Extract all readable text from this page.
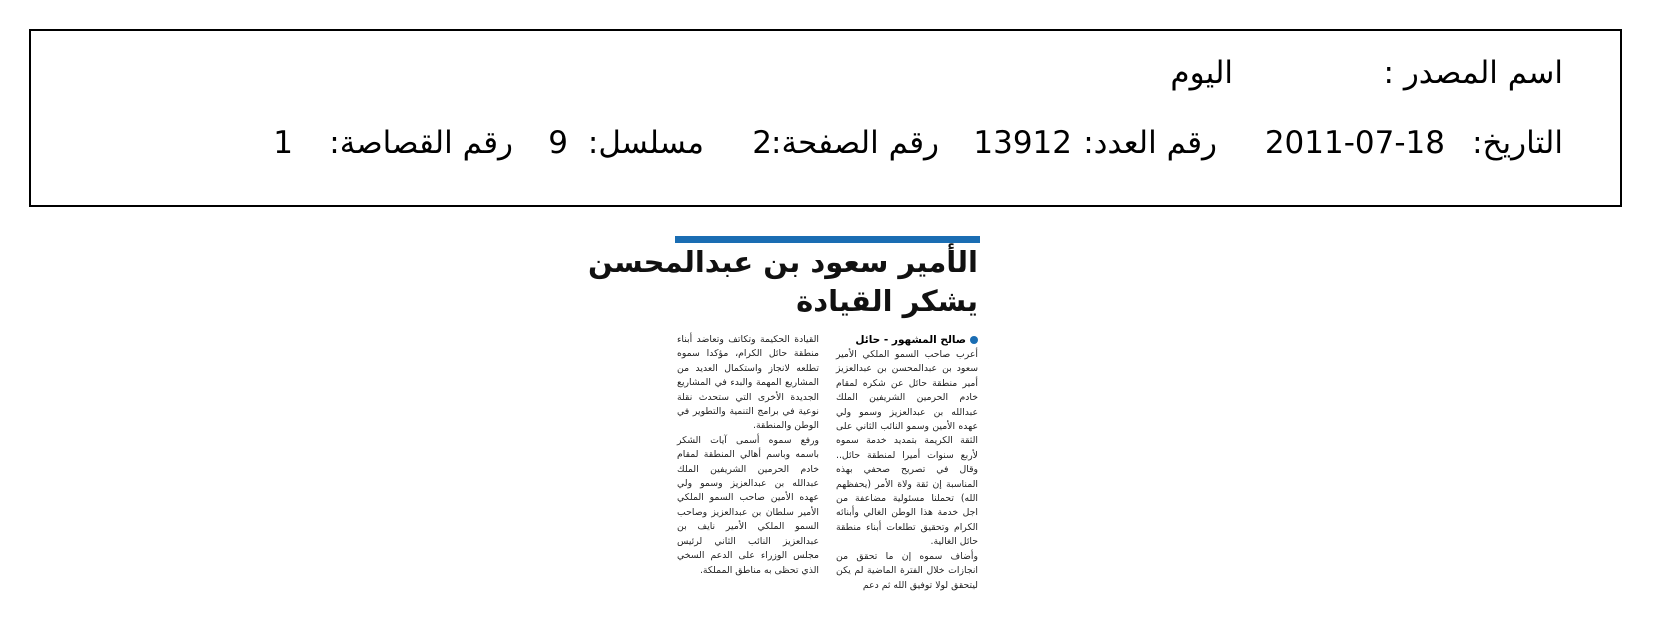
اسم المصدر :
اليوم
التاريخ:
2011-07-18
رقم العدد:
13912
رقم الصفحة:
2
مسلسل:
9
رقم القصاصة:
1
الأمير سعود بن عبدالمحسن
يشكر القيادة
صالح المشهور - حائل

أعرب صاحب السمو الملكي الأمير سعود بن عبدالمحسن بن عبدالعزيز أمير منطقة حائل عن شكره لمقام خادم الحرمين الشريفين الملك عبدالله بن عبدالعزيز وسمو ولي عهده الأمين وسمو النائب الثاني على الثقة الكريمة بتمديد خدمة سموه لأربع سنوات أميرا لمنطقة حائل.. وقال في تصريح صحفي بهذه المناسبة إن ثقة ولاة الأمر (يحفظهم الله) تحملنا مسئولية مضاعفة من اجل خدمة هذا الوطن الغالي وأبنائه الكرام وتحقيق تطلعات أبناء منطقة حائل الغالية.

وأضاف سموه إن ما تحقق من انجازات خلال الفترة الماضية لم يكن ليتحقق لولا توفيق الله ثم دعم

القيادة الحكيمة وتكاتف وتعاضد أبناء منطقة حائل الكرام، مؤكدا سموه تطلعه لانجاز واستكمال العديد من المشاريع المهمة والبدء في المشاريع الجديدة الأخرى التي ستحدث نقلة نوعية في برامج التنمية والتطوير في الوطن والمنطقة.

ورفع سموه أسمى آيات الشكر باسمه وباسم أهالي المنطقة لمقام خادم الحرمين الشريفين الملك عبدالله بن عبدالعزيز وسمو ولي عهده الأمين صاحب السمو الملكي الأمير سلطان بن عبدالعزيز وصاحب السمو الملكي الأمير نايف بن عبدالعزيز النائب الثاني لرئيس مجلس الوزراء على الدعم السخي الذي تحظى به مناطق المملكة.
